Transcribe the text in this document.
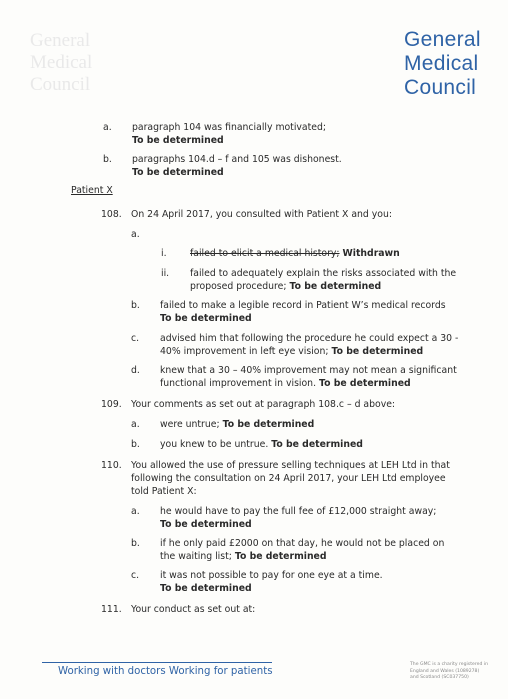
General
Medical
Council
General
Medical
Council
a. paragraph 104 was financially motivated;
To be determined
b. paragraphs 104.d – f and 105 was dishonest.
To be determined
Patient X
108. On 24 April 2017, you consulted with Patient X and you:
a.
i.	failed to elicit a medical history; Withdrawn
ii. failed to adequately explain the risks associated with the
proposed procedure; To be determined
b. failed to make a legible record in Patient W’s medical records
To be determined
c. advised him that following the procedure he could expect a 30 -
40% improvement in left eye vision; To be determined
d. knew that a 30 – 40% improvement may not mean a significant
functional improvement in vision. To be determined
109. Your comments as set out at paragraph 108.c – d above:
a. were untrue; To be determined
b. you knew to be untrue. To be determined
110. You allowed the use of pressure selling techniques at LEH Ltd in that
following the consultation on 24 April 2017, your LEH Ltd employee
told Patient X:
a. he would have to pay the full fee of £12,000 straight away;
To be determined
b. if he only paid £2000 on that day, he would not be placed on
the waiting list; To be determined
c. it was not possible to pay for one eye at a time.
To be determined
111. Your conduct as set out at:
Working with doctors Working for patients
The GMC is a charity registered in
England and Wales (1089278)
and Scotland (SC037750)
